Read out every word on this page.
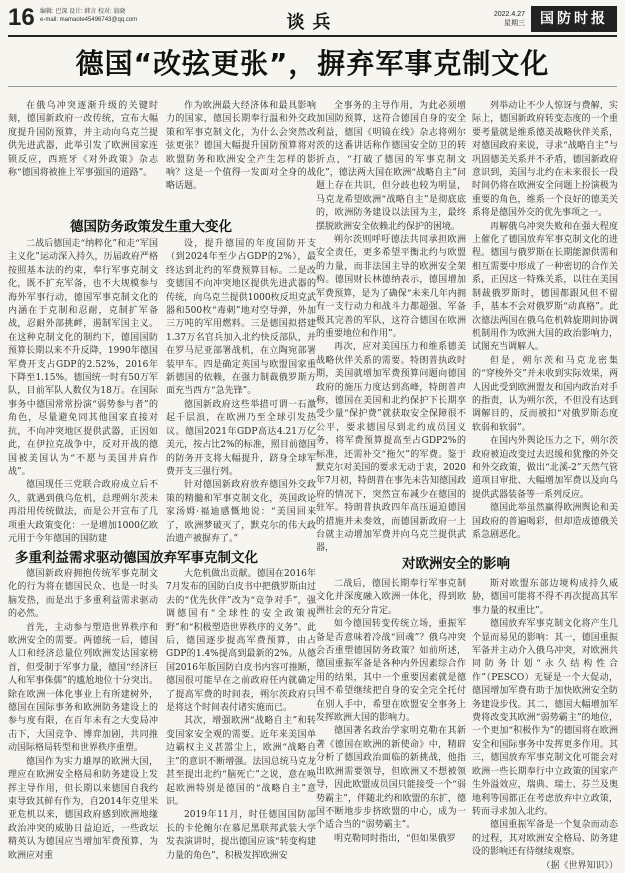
16 编辑: 巴深 设计: 韩言 校对: 翁晓
e-mail: mamaote45496743@qq.com	谈兵	2022.4.27
星期三	国防时报
德国“改弦更张”，摒弃军事克制文化

在俄乌冲突逐渐升级的关键时刻，德国新政府一改传统，宣布大幅度提升国防预算，并主动向乌克兰提供先进武器，此举引发了欧洲国家连锁反应，西班牙《对外政策》杂志称“德国将被推上军事强国的道路”。

作为欧洲最大经济体和最具影响力的国家，德国长期奉行温和外交政策和军事克制文化，为什么会突然改弦更张？德国大幅提升国防预算将对欧盟防务和欧洲安全产生怎样的影响？这是一个值得一发面对全身的战略话题。

德国防务政策发生重大变化

二战后德国走“纳粹化”和走“军国主义化”运动深入持久，历届政府严格按照基本法的约束，奉行军事克制文化，既不扩充军备，也不大规模参与海外军事行动，德国军事克制文化的内涵在于克制和忍耐，克制扩军备战，忍耐外部挑衅，遏制军国主义。在这种克制文化的制约下，德国国防预算长期以来不升反降，1990年德国军费开支占GDP的2.52%，2016年下降至1.15%。德国统一时有50万军队，目前军队人数仅为18万。在国际事务中德国常常扮演“弱势参与者”的角色，尽量避免同其他国家直接对抗，不向冲突地区提供武器，正因如此，在伊拉克战争中，反对开战的德国被美国认为“不愿与美国并肩作战”。

德国现任三党联合政府成立后不久，就遇到俄乌危机，总理朔尔茨未再沿用传统做法，而是公开宣布了几项重大政策变化：一是增加1000亿欧元用于今年德国的国防建

设，提升德国的年度国防开支（到2024年至少占GDP的2%），最终达到北约的军费预算目标。二是改变德国不向冲突地区提供先进武器的传统，向乌克兰提供1000枚反坦克武器和500枚“毒刺”地对空导弹，外加三万吨的军用燃料。三是德国拟搭建1.37万名官兵加入北约快反部队，并在罗马尼亚部署战机，在立陶宛部署装甲车。四是确定英国与欧盟国家重新德国的依赖，在强力制裁俄罗斯方面充当西方“急先锋”。

德国新政府这些举措可谓一石激起千层浪，在欧洲乃至全球引发热议。德国2021年GDP高达4.21万亿美元，按占比2%的标准，照目前德国的防务开支将大幅提升，跻身全球军费开支三强行列。

针对德国新政府放弃德国外交政策的精髓和军事克制文化，英国政论家汤姆·福迪感慨地说：“美国回来了，欧洲梦破灭了，默克尔的伟大政治遗产被摒弃了。”

全事务的主导作用，为此必须增加国防预算，这符合德国自身的安全利益，德国《明镜在线》杂志将朔尔茨的这番讲话称作德国安全防卫的转折点，“打破了德国的军事克制文化”，德法两大国在欧洲“战略自主”问题上存在共识，但分歧也较为明显，马克龙希望欧洲“战略自主”是彻底底的，欧洲防务建设以法国为主，最终摆脱欧洲安全依赖北约保护的困境。

朔尔茨则呼吁德法共同承担欧洲安全责任，更多希望平衡北约与欧盟的力量，而非法国主导的欧洲安全架构。德国财长林德纳表示，德国增加军费预算，是为了确保“未来几年内拥有一支行动力和战斗力都超强、军备极其完善的军队，这符合德国在欧洲的重要地位和作用”。

再次，应对美国压力和维系德美战略伙伴关系的需要。特朗普执政时期，美国就增加军费预算问题向德国政府的施压力度达到高峰，特朗普声称，德国在美国和北约保护下长期享受少量“保护费”就获取安全保障很不公平，要求德国尽到北约成员国义务，将军费预算提高至占GDP2%的标准，还需补交“拖欠”的军费。鉴于默克尔对美国的要求无动于衷，2020年7月初，特朗普在事先未告知德国政府的情况下，突然宣布减少在德国的驻军。特朗普执政四年高压逼迫德国的措施并未奏效，而德国新政府一上台就主动增加军费并向乌克兰提供武器，

列举动让不少人惊讶与费解，实际上，德国新政府转变态度的一个重要考量就是维系德美战略伙伴关系，对德国政府来说，寻求“战略自主”与巩固德美关系并不矛盾，德国新政府意识到，美国与北约在未来很长一段时间仍将在欧洲安全问题上扮演极为重要的角色，维系一个良好的德美关系将是德国外交的优先事项之一。

再解俄乌冲突失败和在强大程度上催化了德国放弃军事克制文化的进程。德国与俄罗斯在长期能源供需和相互需要中形成了一种密切的合作关系，正因这一特殊关系，以往在美国制裁俄罗斯时，德国都跟风但不留手，基本不会对俄罗斯“动真格”。此次德法两国在俄乌危机斡旋期间协调机制用作为欧洲大国的政治影响力，试图充当调解人。

但是，朔尔茨和马克龙密集的“穿梭外交”并未收到实际效果，两人因此受到欧洲盟友和国内政治对手的指责，认为朔尔茨，不但没有达到调解目的，反而被扣“对俄罗斯态度软弱和软弱”。

在国内外舆论压力之下，朔尔茨政府被迫改变过去迟缓和犹豫的外交和外交政策，做出“北溪-2”天然气管道项目审批、大幅增加军费以及向乌提供武器装备等一系列反应。

德国此举虽然赢得欧洲舆论和美国政府的普遍喝彩，但却造成德俄关系急剧恶化。

多重利益需求驱动德国放弃军事克制文化

德国新政府拥抱传统军事克制文化的行为将在德国民众、也是一时头脑发热，而是出于多重利益需求驱动的必然。

首先，主动参与塑造世界秩序和欧洲安全的需要。两德统一后，德国人口和经济总量位列欧洲发达国家榜首，但受制于军事力量，德国“经济巨人和军事侏儒”的尴尬地位十分突出。除在欧洲一体化事业上有所建树外，德国在国际事务和欧洲防务建设上的参与度有限，在百年未有之大变局冲击下，大国竞争、博弈加剧，共同推动国际格局转型和世界秩序重塑。

德国作为实力雄厚的欧洲大国，理应在欧洲安全格局和防务建设上发挥主导作用，但长期以来德国自我约束导致其鲜有作为，自2014年克里米亚危机以来，德国政府感到欧洲地缘政治冲突的威胁日益迫近，一些政坛精英认为德国应当增加军费预算，为欧洲应对重

大危机做出贡献。德国在2016年7月发布的国防白皮书中把俄罗斯由过去的“优先伙伴”改为“竞争对手”，强调德国有“全球性的安全政策视野”和“积极塑造世界秩序的义务”。此后，德国逐步提高军费预算，由占GDP的1.4%提高到最新的2%。从德国2016年版国防白皮书内容可推断，德国很可能早在之前政府任内就确定了提高军费的时间表，朔尔茨政府只是将这个时间表付诸实施而已。

其次，增强欧洲“战略自主”和转变国家安全观的需要。近年来美国单边霸权主义甚嚣尘上，欧洲“战略自主”的意识不断增强。法国总统马克龙甚至提出北约“脑死亡”之说，意在唤起欧洲特别是德国的“战略自主”意识。

2019年11月，时任德国国防部长的卡伦鲍尔在慕尼黑联邦武装大学发表演讲时，提出德国应该“转变构建力量的角色”，积极发挥欧洲安

对欧洲安全的影响

二战后，德国长期奉行军事克制文化并深度融入欧洲一体化，得到欧洲社会的充分肯定。

如今德国转变传统立场，重振军备是否意味着冷战“回魂”？俄乌冲突会否重塑德国防务政策？如前所述，德国重振军备是各种内外因素综合作用的结果，其中一个重要因素就是德国不希望继续把自身的安全完全托付在别人手中，希望在欧盟安全事务上发挥欧洲大国的影响力。

德国著名政治学家明克勒在其新著《德国在欧洲的新使命》中，精辟分析了德国政治面临的新挑战，他指出欧洲需要领导，但欧洲又不想被领导，因此欧盟成员国只能接受一个“弱势霸主”，伴随北约和欧盟的东扩，德国不断地步步挤欧盟的中心，成为一个适合当的“弱势霸主”。

明克勒同时指出，“但如果俄罗

斯对欧盟东部边境构成持久威胁，德国可能将不得不再次提高其军事力量的权重比”。

德国放弃军事克制文化将产生几个显而易见的影响：其一，德国重振军备并主动介入俄乌冲突，对欧洲共同防务计划“永久结构性合作”（PESCO）无疑是一个大促动，德国增加军费有助于加快欧洲安全防务建设步伐。其二，德国大幅增加军费将改变其欧洲“弱势霸主”的地位，一个更加“积极作为”的德国将在欧洲安全和国际事务中发挥更多作用。其三，德国放弃军事克制文化可能会对欧洲一些长期奉行中立政策的国家产生外溢效应，瑞典、瑞士、芬兰及奥地利等国都正在考虑放弃中立政策，转而寻求加入北约。

德国重振军备是一个复杂而动态的过程，其对欧洲安全格局、防务建设的影响还有待继续观察。

（据《世界知识》）
